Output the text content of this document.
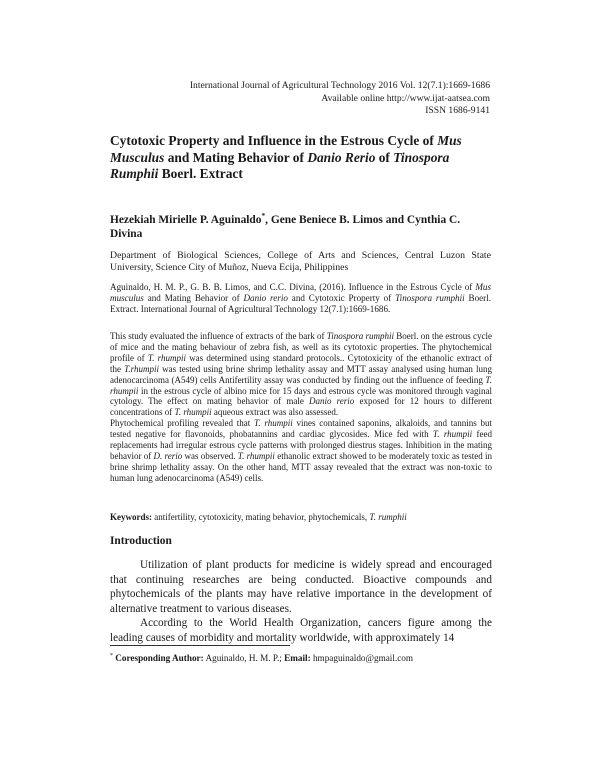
International Journal of Agricultural Technology 2016 Vol. 12(7.1):1669-1686
Available online http://www.ijat-aatsea.com
ISSN 1686-9141
Cytotoxic Property and Influence in the Estrous Cycle of Mus Musculus and Mating Behavior of Danio Rerio of Tinospora Rumphii Boerl. Extract
Hezekiah Mirielle P. Aguinaldo*, Gene Beniece B. Limos and Cynthia C. Divina
Department of Biological Sciences, College of Arts and Sciences, Central Luzon State University, Science City of Muñoz, Nueva Ecija, Philippines
Aguinaldo, H. M. P., G. B. B. Limos, and C.C. Divina, (2016). Influence in the Estrous Cycle of Mus musculus and Mating Behavior of Danio rerio and Cytotoxic Property of Tinospora rumphii Boerl. Extract. International Journal of Agricultural Technology 12(7.1):1669-1686.

This study evaluated the influence of extracts of the bark of Tinospora rumphii Boerl. on the estrous cycle of mice and the mating behaviour of zebra fish, as well as its cytotoxic properties. The phytochemical profile of T. rhumpii was determined using standard protocols.. Cytotoxicity of the ethanolic extract of the T.rhumpii was tested using brine shrimp lethality assay and MTT assay analysed using human lung adenocarcinoma (A549) cells Antifertility assay was conducted by finding out the influence of feeding T. rhumpii in the estrous cycle of albino mice for 15 days and estrous cycle was monitored through vaginal cytology. The effect on mating behavior of male Danio rerio exposed for 12 hours to different concentrations of T. rhumpii aqueous extract was also assessed.

Phytochemical profiling revealed that T. rhumpii vines contained saponins, alkaloids, and tannins but tested negative for flavonoids, phobatannins and cardiac glycosides. Mice fed with T. rhumpii feed replacements had irregular estrous cycle patterns with prolonged diestrus stages. Inhibition in the mating behavior of D. rerio was observed. T. rhumpii ethanolic extract showed to be moderately toxic as tested in brine shrimp lethality assay. On the other hand, MTT assay revealed that the extract was non-toxic to human lung adenocarcinoma (A549) cells.

Keywords: antifertility, cytotoxicity, mating behavior, phytochemicals, T. rumphii
Introduction

Utilization of plant products for medicine is widely spread and encouraged that continuing researches are being conducted. Bioactive compounds and phytochemicals of the plants may have relative importance in the development of alternative treatment to various diseases.

According to the World Health Organization, cancers figure among the leading causes of morbidity and mortality worldwide, with approximately 14

* Coresponding Author: Aguinaldo, H. M. P.; Email: hmpaguinaldo@gmail.com
